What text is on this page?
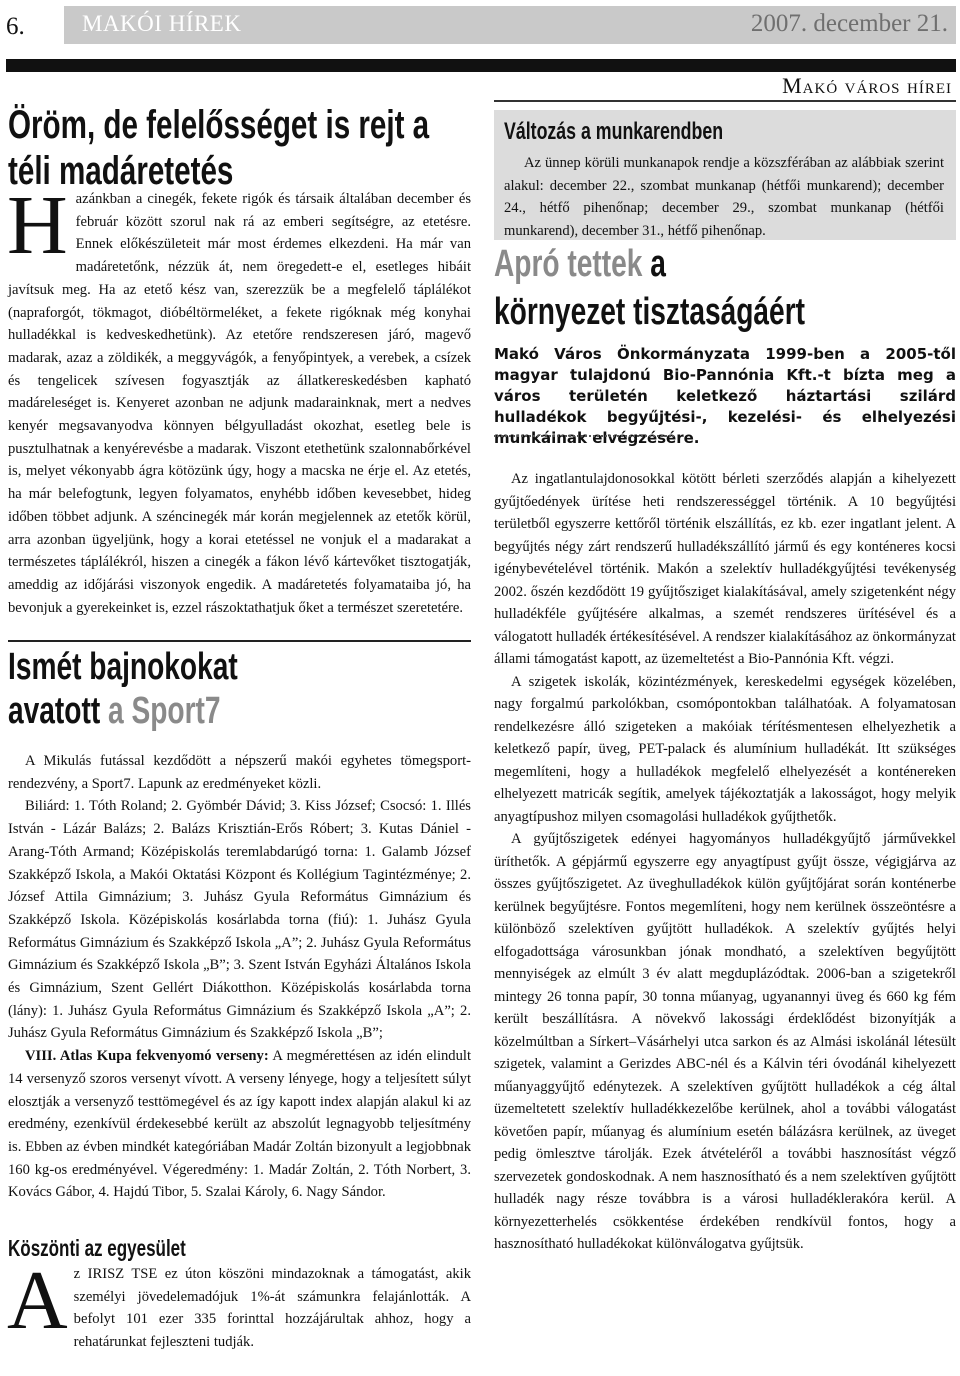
6.	MAKÓI HÍREK	2007. december 21.
Makó város hírei
Öröm, de felelősséget is rejt a
téli madáretetés
H azánkban a cinegék, fekete rigók és társaik általában december és február között szorul nak rá az emberi segítségre, az etetésre. Ennek előkészületeit már most érdemes elkezdeni. Ha már van madáretetőnk, nézzük át, nem öregedett-e el, esetleges hibáit javítsuk meg. Ha az etető kész van, szerezzük be a megfelelő táplálékot (napraforgót, tökmagot, dióbéltörmeléket, a fekete rigóknak még konyhai hulladékkal is kedveskedhetünk). Az etetőre rendszeresen járó, magevő madarak, azaz a zöldikék, a meggyvágók, a fenyőpintyek, a verebek, a csízek és tengelicek szívesen fogyasztják az állatkereskedésben kapható madáreleséget is. Kenyeret azonban ne adjunk madarainknak, mert a nedves kenyér megsavanyodva könnyen bélgyulladást okozhat, esetleg bele is pusztulhatnak a kenyérevésbe a madarak. Viszont etethetünk szalonnabőrkével is, melyet vékonyabb ágra kötözünk úgy, hogy a macska ne érje el. Az etetés, ha már belefogtunk, legyen folyamatos, enyhébb időben kevesebbet, hideg időben többet adjunk. A széncinegék már korán megjelennek az etetők körül, arra azonban ügyeljünk, hogy a korai etetéssel ne vonjuk el a madarakat a természetes táplálékról, hiszen a cinegék a fákon lévő kártevőket tisztogatják, ameddig az időjárási viszonyok engedik. A madáretetés folyamataiba jó, ha bevonjuk a gyerekeinket is, ezzel rászoktathatjuk őket a természet szeretetére.

Ismét bajnokokat
avatott a Sport7

A Mikulás futással kezdődött a népszerű makói egyhetes tömegsport-rendezvény, a Sport7. Lapunk az eredményeket közli.

Biliárd: 1. Tóth Roland; 2. Gyömbér Dávid; 3. Kiss József; Csocsó: 1. Illés István - Lázár Balázs; 2. Balázs Krisztián-Erős Róbert; 3. Kutas Dániel - Arang-Tóth Armand; Középiskolás teremlabdarúgó torna: 1. Galamb József Szakképző Iskola, a Makói Oktatási Központ és Kollégium Tagintézménye; 2. József Attila Gimnázium; 3. Juhász Gyula Református Gimnázium és Szakképző Iskola. Középiskolás kosárlabda torna (fiú): 1. Juhász Gyula Református Gimnázium és Szakképző Iskola „A”; 2. Juhász Gyula Református Gimnázium és Szakképző Iskola „B”; 3. Szent István Egyházi Általános Iskola és Gimnázium, Szent Gellért Diákotthon. Középiskolás kosárlabda torna (lány): 1. Juhász Gyula Református Gimnázium és Szakképző Iskola „A”; 2. Juhász Gyula Református Gimnázium és Szakképző Iskola „B”;

VIII. Atlas Kupa fekvenyomó verseny: A megmérettésen az idén elindult 14 versenyző szoros versenyt vívott. A verseny lényege, hogy a teljesített súlyt elosztják a versenyző testtömegével és az így kapott index alapján alakul ki az eredmény, ezenkívül érdekesebbé került az abszolút legnagyobb teljesítmény is. Ebben az évben mindkét kategóriában Madár Zoltán bizonyult a legjobbnak 160 kg-os eredményével. Végeredmény: 1. Madár Zoltán, 2. Tóth Norbert, 3. Kovács Gábor, 4. Hajdú Tibor, 5. Szalai Károly, 6. Nagy Sándor.

Köszönti az egyesület
A z IRISZ TSE ez úton köszöni mindazoknak a támogatást, akik személyi jövedelemadójuk 1%-át számunkra felajánlották. A befolyt 101 ezer 335 forinttal hozzájárultak ahhoz, hogy a rehatárunkat fejleszteni tudják.

Változás a munkarendben

Az ünnep körüli munkanapok rendje a közszférában az alábbiak szerint alakul: december 22., szombat munkanap (hétfői munkarend); december 24., hétfő pihenőnap; december 29., szombat munkanap (hétfői munkarend), december 31., hétfő pihenőnap.

Apró tettek a
környezet tisztaságáért

Makó Város Önkormányzata 1999-ben a 2005-től magyar tulajdonú Bio-Pannónia Kft.-t bízta meg a város területén keletkező háztartási szilárd hulladékok begyűjtési-, kezelési- és elhelyezési munkáinak elvégzésére.

Az ingatlantulajdonosokkal kötött bérleti szerződés alapján a kihelyezett gyűjtőedények ürítése heti rendszerességgel történik. A 10 begyűjtési területből egyszerre kettőről történik elszállítás, ez kb. ezer ingatlant jelent. A begyűjtés négy zárt rendszerű hulladékszállító jármű és egy konténeres kocsi igénybevételével történik. Makón a szelektív hulladékgyűjtési tevékenység 2002. őszén kezdődött 19 gyűjtősziget kialakításával, amely szigetenként négy hulladékféle gyűjtésére alkalmas, a szemét rendszeres ürítésével és a válogatott hulladék értékesítésével. A rendszer kialakításához az önkormányzat állami támogatást kapott, az üzemeltetést a Bio-Pannónia Kft. végzi.

A szigetek iskolák, közintézmények, kereskedelmi egységek közelében, nagy forgalmú parkolókban, csomópontokban találhatóak. A folyamatosan rendelkezésre álló szigeteken a makóiak térítésmentesen elhelyezhetik a keletkező papír, üveg, PET-palack és alumínium hulladékát. Itt szükséges megemlíteni, hogy a hulladékok megfelelő elhelyezését a konténereken elhelyezett matricák segítik, amelyek tájékoztatják a lakosságot, hogy melyik anyagtípushoz milyen csomagolási hulladékok gyűjthetők.

A gyűjtőszigetek edényei hagyományos hulladékgyűjtő járművekkel üríthetők. A gépjármű egyszerre egy anyagtípust gyűjt össze, végigjárva az összes gyűjtőszigetet. Az üveghulladékok külön gyűjtőjárat során konténerbe kerülnek begyűjtésre. Fontos megemlíteni, hogy nem kerülnek összeöntésre a különböző szelektíven gyűjtött hulladékok. A szelektív gyűjtés helyi elfogadottsága városunkban jónak mondható, a szelektíven begyűjtött mennyiségek az elmúlt 3 év alatt megduplázódtak. 2006-ban a szigetekről mintegy 26 tonna papír, 30 tonna műanyag, ugyanannyi üveg és 660 kg fém került beszállításra. A növekvő lakossági érdeklődést bizonyítják a közelmúltban a Sírkert–Vásárhelyi utca sarkon és az Almási iskolánál létesült szigetek, valamint a Gerizdes ABC-nél és a Kálvin téri óvodánál kihelyezett műanyaggyűjtő edénytezek. A szelektíven gyűjtött hulladékok a cég által üzemeltetett szelektív hulladékkezelőbe kerülnek, ahol a további válogatást követően papír, műanyag és alumínium esetén bálázásra kerülnek, az üveget pedig ömlesztve tárolják. Ezek átvételéről a további hasznosítást végző szervezetek gondoskodnak. A nem hasznosítható és a nem szelektíven gyűjtött hulladék nagy része továbbra is a városi hulladéklerakóra kerül. A környezetterhelés csökkentése érdekében rendkívül fontos, hogy a hasznosítható hulladékokat különválogatva gyűjtsük.
